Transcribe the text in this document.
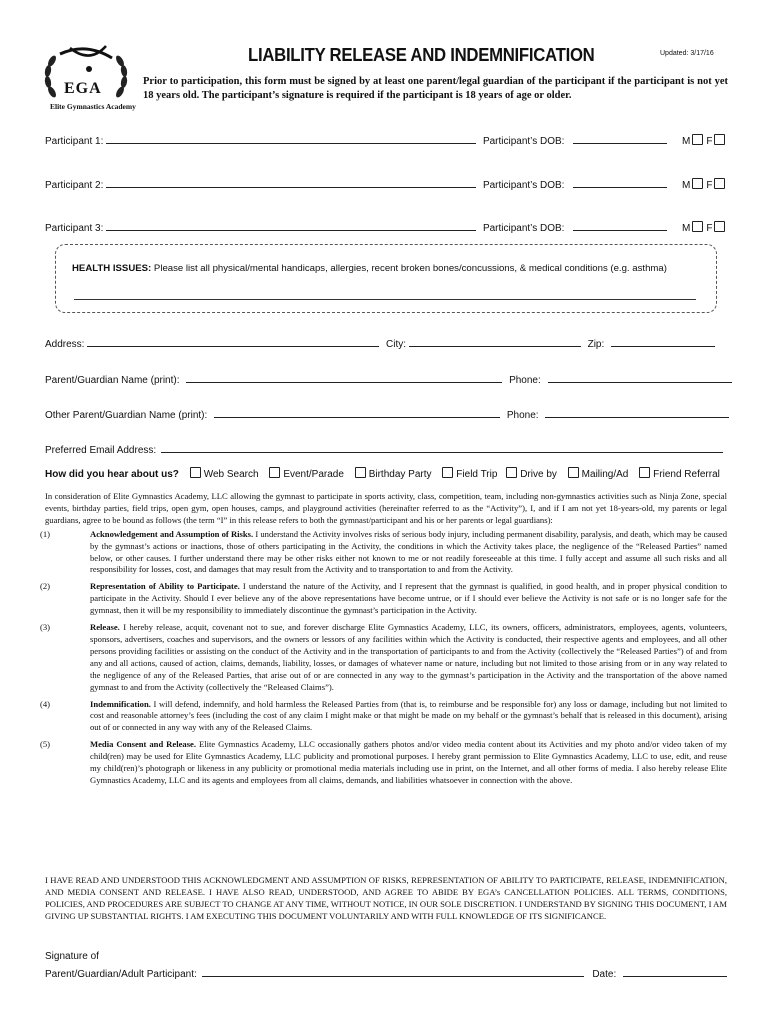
EGA
Elite Gymnastics Academy
LIABILITY RELEASE AND INDEMNIFICATION	Updated: 3/17/16
Prior to participation, this form must be signed by at least one parent/legal guardian of the participant if the participant is not yet 18 years old. The participant’s signature is required if the participant is 18 years of age or older.
Participant 1:	Participant’s DOB:	M F
Participant 2:	Participant’s DOB:	M F
Participant 3:	Participant’s DOB:	M F
HEALTH ISSUES: Please list all physical/mental handicaps, allergies, recent broken bones/concussions, & medical conditions (e.g. asthma)
Address:	City:	Zip:
Parent/Guardian Name (print):	Phone:
Other Parent/Guardian Name (print):	Phone:
Preferred Email Address:
How did you hear about us? Web Search Event/Parade Birthday Party Field Trip Drive by Mailing/Ad Friend Referral
In consideration of Elite Gymnastics Academy, LLC allowing the gymnast to participate in sports activity, class, competition, team, including non-gymnastics activities such as Ninja Zone, special events, birthday parties, field trips, open gym, open houses, camps, and playground activities (hereinafter referred to as the “Activity”), I, and if I am not yet 18-years-old, my parents or legal guardians, agree to be bound as follows (the term “I” in this release refers to both the gymnast/participant and his or her parents or legal guardians):
(1)	Acknowledgement and Assumption of Risks. I understand the Activity involves risks of serious body injury, including permanent disability, paralysis, and death, which may be caused by the gymnast’s actions or inactions, those of others participating in the Activity, the conditions in which the Activity takes place, the negligence of the “Released Parties” named below, or other causes. I further understand there may be other risks either not known to me or not readily foreseeable at this time. I fully accept and assume all such risks and all responsibility for losses, cost, and damages that may result from the Activity and to transportation to and from the Activity.
(2)	Representation of Ability to Participate. I understand the nature of the Activity, and I represent that the gymnast is qualified, in good health, and in proper physical condition to participate in the Activity. Should I ever believe any of the above representations have become untrue, or if I should ever believe the Activity is not safe or is no longer safe for the gymnast, then it will be my responsibility to immediately discontinue the gymnast’s participation in the Activity.
(3)	Release. I hereby release, acquit, covenant not to sue, and forever discharge Elite Gymnastics Academy, LLC, its owners, officers, administrators, employees, agents, volunteers, sponsors, advertisers, coaches and supervisors, and the owners or lessors of any facilities within which the Activity is conducted, their respective agents and employees, and all other persons providing facilities or assisting on the conduct of the Activity and in the transportation of participants to and from the Activity (collectively the “Released Parties”) of and from any and all actions, caused of action, claims, demands, liability, losses, or damages of whatever name or nature, including but not limited to those arising from or in any way related to the negligence of any of the Released Parties, that arise out of or are connected in any way to the gymnast’s participation in the Activity and the transportation of the above named gymnast to and from the Activity (collectively the “Released Claims”).
(4)	Indemnification. I will defend, indemnify, and hold harmless the Released Parties from (that is, to reimburse and be responsible for) any loss or damage, including but not limited to cost and reasonable attorney’s fees (including the cost of any claim I might make or that might be made on my behalf or the gymnast’s behalf that is released in this document), arising out of or connected in any way with any of the Released Claims.
(5)	Media Consent and Release. Elite Gymnastics Academy, LLC occasionally gathers photos and/or video media content about its Activities and my photo and/or video taken of my child(ren) may be used for Elite Gymnastics Academy, LLC publicity and promotional purposes. I hereby grant permission to Elite Gymnastics Academy, LLC to use, edit, and reuse my child(ren)’s photograph or likeness in any publicity or promotional media materials including use in print, on the Internet, and all other forms of media. I also hereby release Elite Gymnastics Academy, LLC and its agents and employees from all claims, demands, and liabilities whatsoever in connection with the above.
I HAVE READ AND UNDERSTOOD THIS ACKNOWLEDGMENT AND ASSUMPTION OF RISKS, REPRESENTATION OF ABILITY TO PARTICIPATE, RELEASE, INDEMNIFICATION, AND MEDIA CONSENT AND RELEASE. I HAVE ALSO READ, UNDERSTOOD, AND AGREE TO ABIDE BY EGA’s CANCELLATION POLICIES. ALL TERMS, CONDITIONS, POLICIES, AND PROCEDURES ARE SUBJECT TO CHANGE AT ANY TIME, WITHOUT NOTICE, IN OUR SOLE DISCRETION. I UNDERSTAND BY SIGNING THIS DOCUMENT, I AM GIVING UP SUBSTANTIAL RIGHTS. I AM EXECUTING THIS DOCUMENT VOLUNTARILY AND WITH FULL KNOWLEDGE OF ITS SIGNIFICANCE.
Signature of
Parent/Guardian/Adult Participant:	Date:
